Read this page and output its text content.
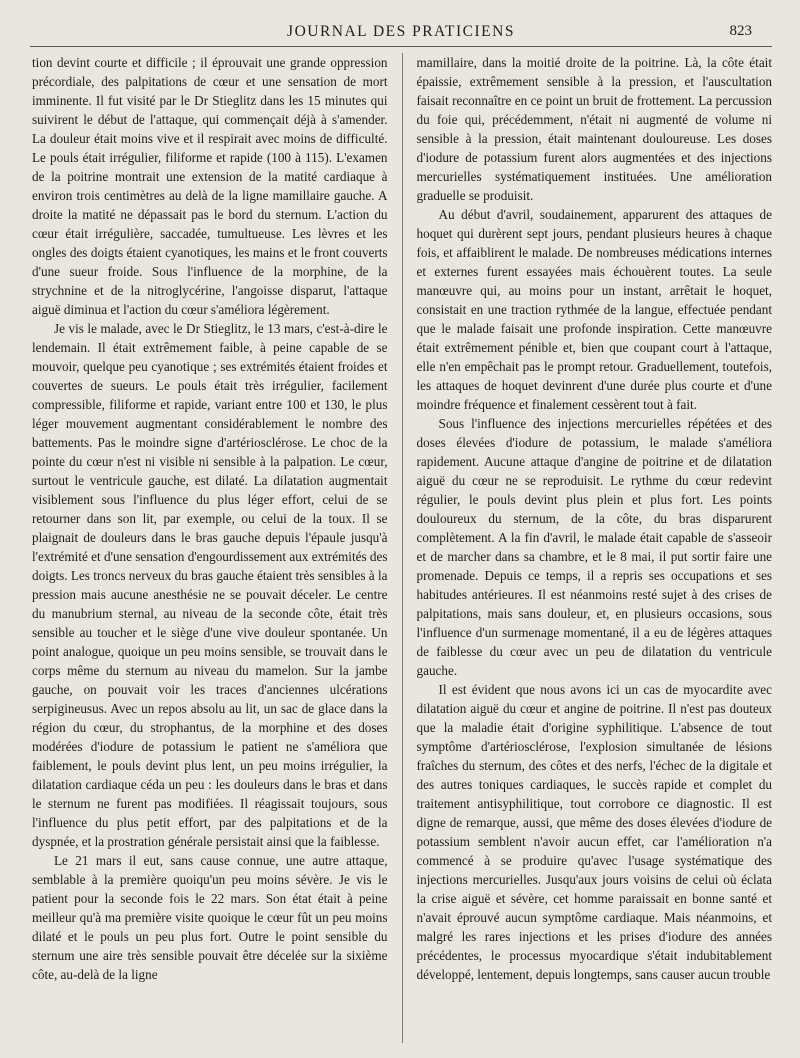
JOURNAL DES PRATICIENS	823

tion devint courte et difficile ; il éprouvait une grande oppression précordiale, des palpitations de cœur et une sensation de mort imminente. Il fut visité par le Dr Stieglitz dans les 15 minutes qui suivirent le début de l'attaque, qui commençait déjà à s'amender. La douleur était moins vive et il respirait avec moins de difficulté. Le pouls était irrégulier, filiforme et rapide (100 à 115). L'examen de la poitrine montrait une extension de la matité cardiaque à environ trois centimètres au delà de la ligne mamillaire gauche. A droite la matité ne dépassait pas le bord du sternum. L'action du cœur était irrégulière, saccadée, tumultueuse. Les lèvres et les ongles des doigts étaient cyanotiques, les mains et le front couverts d'une sueur froide. Sous l'influence de la morphine, de la strychnine et de la nitroglycérine, l'angoisse disparut, l'attaque aiguë diminua et l'action du cœur s'améliora légèrement.

Je vis le malade, avec le Dr Stieglitz, le 13 mars, c'est-à-dire le lendemain. Il était extrêmement faible, à peine capable de se mouvoir, quelque peu cyanotique ; ses extrémités étaient froides et couvertes de sueurs. Le pouls était très irrégulier, facilement compressible, filiforme et rapide, variant entre 100 et 130, le plus léger mouvement augmentant considérablement le nombre des battements. Pas le moindre signe d'artériosclérose. Le choc de la pointe du cœur n'est ni visible ni sensible à la palpation. Le cœur, surtout le ventricule gauche, est dilaté. La dilatation augmentait visiblement sous l'influence du plus léger effort, celui de se retourner dans son lit, par exemple, ou celui de la toux. Il se plaignait de douleurs dans le bras gauche depuis l'épaule jusqu'à l'extrémité et d'une sensation d'engourdissement aux extrémités des doigts. Les troncs nerveux du bras gauche étaient très sensibles à la pression mais aucune anesthésie ne se pouvait déceler. Le centre du manubrium sternal, au niveau de la seconde côte, était très sensible au toucher et le siège d'une vive douleur spontanée. Un point analogue, quoique un peu moins sensible, se trouvait dans le corps même du sternum au niveau du mamelon. Sur la jambe gauche, on pouvait voir les traces d'anciennes ulcérations serpigineusus. Avec un repos absolu au lit, un sac de glace dans la région du cœur, du strophantus, de la morphine et des doses modérées d'iodure de potassium le patient ne s'améliora que faiblement, le pouls devint plus lent, un peu moins irrégulier, la dilatation cardiaque céda un peu : les douleurs dans le bras et dans le sternum ne furent pas modifiées. Il réagissait toujours, sous l'influence du plus petit effort, par des palpitations et de la dyspnée, et la prostration générale persistait ainsi que la faiblesse.

Le 21 mars il eut, sans cause connue, une autre attaque, semblable à la première quoiqu'un peu moins sévère. Je vis le patient pour la seconde fois le 22 mars. Son état était à peine meilleur qu'à ma première visite quoique le cœur fût un peu moins dilaté et le pouls un peu plus fort. Outre le point sensible du sternum une aire très sensible pouvait être décelée sur la sixième côte, au-delà de la ligne

mamillaire, dans la moitié droite de la poitrine. Là, la côte était épaissie, extrêmement sensible à la pression, et l'auscultation faisait reconnaître en ce point un bruit de frottement. La percussion du foie qui, précédemment, n'était ni augmenté de volume ni sensible à la pression, était maintenant douloureuse. Les doses d'iodure de potassium furent alors augmentées et des injections mercurielles systématiquement instituées. Une amélioration graduelle se produisit.

Au début d'avril, soudainement, apparurent des attaques de hoquet qui durèrent sept jours, pendant plusieurs heures à chaque fois, et affaiblirent le malade. De nombreuses médications internes et externes furent essayées mais échouèrent toutes. La seule manœuvre qui, au moins pour un instant, arrêtait le hoquet, consistait en une traction rythmée de la langue, effectuée pendant que le malade faisait une profonde inspiration. Cette manœuvre était extrêmement pénible et, bien que coupant court à l'attaque, elle n'en empêchait pas le prompt retour. Graduellement, toutefois, les attaques de hoquet devinrent d'une durée plus courte et d'une moindre fréquence et finalement cessèrent tout à fait.

Sous l'influence des injections mercurielles répétées et des doses élevées d'iodure de potassium, le malade s'améliora rapidement. Aucune attaque d'angine de poitrine et de dilatation aiguë du cœur ne se reproduisit. Le rythme du cœur redevint régulier, le pouls devint plus plein et plus fort. Les points douloureux du sternum, de la côte, du bras disparurent complètement. A la fin d'avril, le malade était capable de s'asseoir et de marcher dans sa chambre, et le 8 mai, il put sortir faire une promenade. Depuis ce temps, il a repris ses occupations et ses habitudes antérieures. Il est néanmoins resté sujet à des crises de palpitations, mais sans douleur, et, en plusieurs occasions, sous l'influence d'un surmenage momentané, il a eu de légères attaques de faiblesse du cœur avec un peu de dilatation du ventricule gauche.

Il est évident que nous avons ici un cas de myocardite avec dilatation aiguë du cœur et angine de poitrine. Il n'est pas douteux que la maladie était d'origine syphilitique. L'absence de tout symptôme d'artériosclérose, l'explosion simultanée de lésions fraîches du sternum, des côtes et des nerfs, l'échec de la digitale et des autres toniques cardiaques, le succès rapide et complet du traitement antisyphilitique, tout corrobore ce diagnostic. Il est digne de remarque, aussi, que même des doses élevées d'iodure de potassium semblent n'avoir aucun effet, car l'amélioration n'a commencé à se produire qu'avec l'usage systématique des injections mercurielles. Jusqu'aux jours voisins de celui où éclata la crise aiguë et sévère, cet homme paraissait en bonne santé et n'avait éprouvé aucun symptôme cardiaque. Mais néanmoins, et malgré les rares injections et les prises d'iodure des années précédentes, le processus myocardique s'était indubitablement développé, lentement, depuis longtemps, sans causer aucun trouble
